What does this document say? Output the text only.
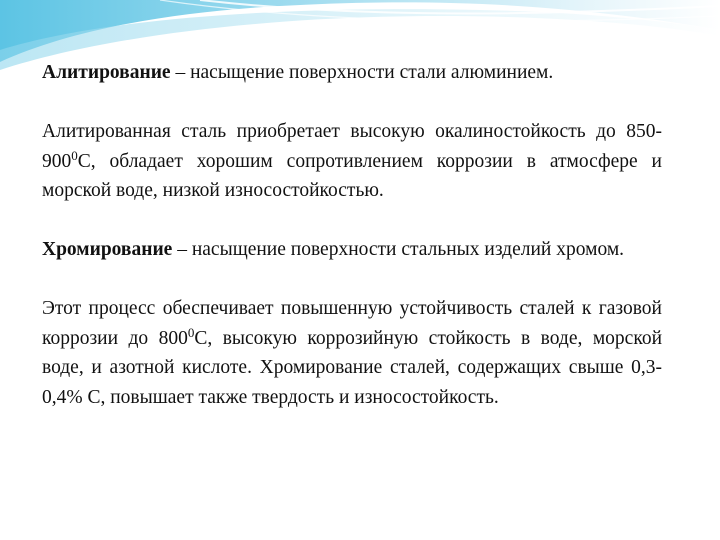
Алитирование – насыщение поверхности стали алюминием.

Алитированная сталь приобретает высокую окалиностойкость до $850-900^0С$, обладает хорошим сопротивлением коррозии в атмосфере и морской воде, низкой износостойкостью.

Хромирование – насыщение поверхности стальных изделий хромом.

Этот процесс обеспечивает повышенную устойчивость сталей к газовой коррозии до $800^0С$, высокую коррозийную стойкость в воде, морской воде, и азотной кислоте. Хромирование сталей, содержащих свыше 0,3-0,4% С, повышает также твердость и износостойкость.
